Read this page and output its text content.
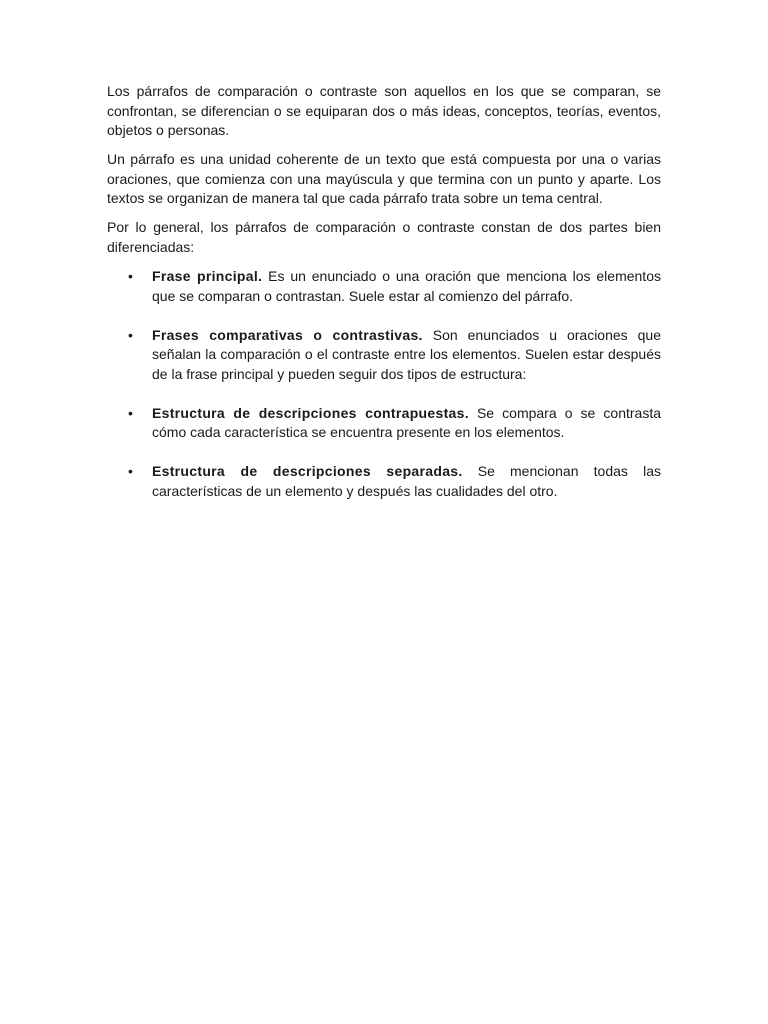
Los párrafos de comparación o contraste son aquellos en los que se comparan, se confrontan, se diferencian o se equiparan dos o más ideas, conceptos, teorías, eventos, objetos o personas.

Un párrafo es una unidad coherente de un texto que está compuesta por una o varias oraciones, que comienza con una mayúscula y que termina con un punto y aparte. Los textos se organizan de manera tal que cada párrafo trata sobre un tema central.

Por lo general, los párrafos de comparación o contraste constan de dos partes bien diferenciadas:

• Frase principal. Es un enunciado o una oración que menciona los elementos que se comparan o contrastan. Suele estar al comienzo del párrafo.
• Frases comparativas o contrastivas. Son enunciados u oraciones que señalan la comparación o el contraste entre los elementos. Suelen estar después de la frase principal y pueden seguir dos tipos de estructura:
• Estructura de descripciones contrapuestas. Se compara o se contrasta cómo cada característica se encuentra presente en los elementos.
• Estructura de descripciones separadas. Se mencionan todas las características de un elemento y después las cualidades del otro.
